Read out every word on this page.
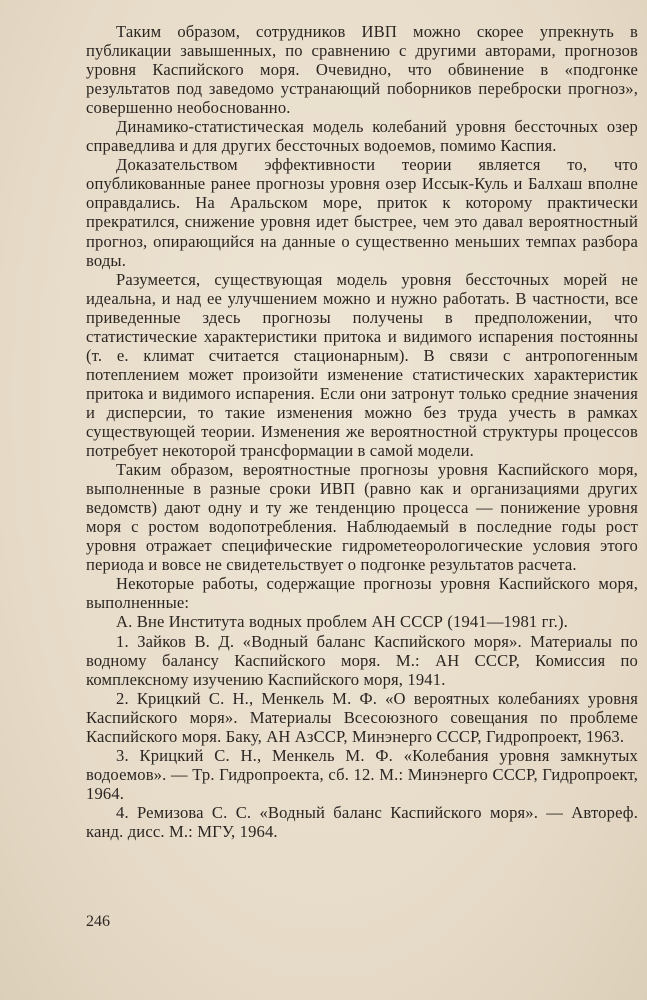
Таким образом, сотрудников ИВП можно скорее упрекнуть в публикации завышенных, по сравнению с другими авторами, прогнозов уровня Каспийского моря. Очевидно, что обвинение в «подгонке результатов под заведомо устранающий поборников переброски прогноз», совершенно необоснованно.

Динамико-статистическая модель колебаний уровня бессточных озер справедлива и для других бессточных водоемов, помимо Каспия.

Доказательством эффективности теории является то, что опубликованные ранее прогнозы уровня озер Иссык-Куль и Балхаш вполне оправдались. На Аральском море, приток к которому практически прекратился, снижение уровня идет быстрее, чем это давал вероятностный прогноз, опирающийся на данные о существенно меньших темпах разбора воды.

Разумеется, существующая модель уровня бессточных морей не идеальна, и над ее улучшением можно и нужно работать. В частности, все приведенные здесь прогнозы получены в предположении, что статистические характеристики притока и видимого испарения постоянны (т. е. климат считается стационарным). В связи с антропогенным потеплением может произойти изменение статистических характеристик притока и видимого испарения. Если они затронут только средние значения и дисперсии, то такие изменения можно без труда учесть в рамках существующей теории. Изменения же вероятностной структуры процессов потребует некоторой трансформации в самой модели.

Таким образом, вероятностные прогнозы уровня Каспийского моря, выполненные в разные сроки ИВП (равно как и организациями других ведомств) дают одну и ту же тенденцию процесса — понижение уровня моря с ростом водопотребления. Наблюдаемый в последние годы рост уровня отражает специфические гидрометеорологические условия этого периода и вовсе не свидетельствует о подгонке результатов расчета.

Некоторые работы, содержащие прогнозы уровня Каспийского моря, выполненные:

А. Вне Института водных проблем АН СССР (1941—1981 гг.).

1. Зайков В. Д. «Водный баланс Каспийского моря». Материалы по водному балансу Каспийского моря. М.: АН СССР, Комиссия по комплексному изучению Каспийского моря, 1941.

2. Крицкий С. Н., Менкель М. Ф. «О вероятных колебаниях уровня Каспийского моря». Материалы Всесоюзного совещания по проблеме Каспийского моря. Баку, АН АзССР, Минэнерго СССР, Гидропроект, 1963.

3. Крицкий С. Н., Менкель М. Ф. «Колебания уровня замкнутых водоемов». — Тр. Гидропроекта, сб. 12. М.: Минэнерго СССР, Гидропроект, 1964.

4. Ремизова С. С. «Водный баланс Каспийского моря». — Автореф. канд. дисс. М.: МГУ, 1964.

246
